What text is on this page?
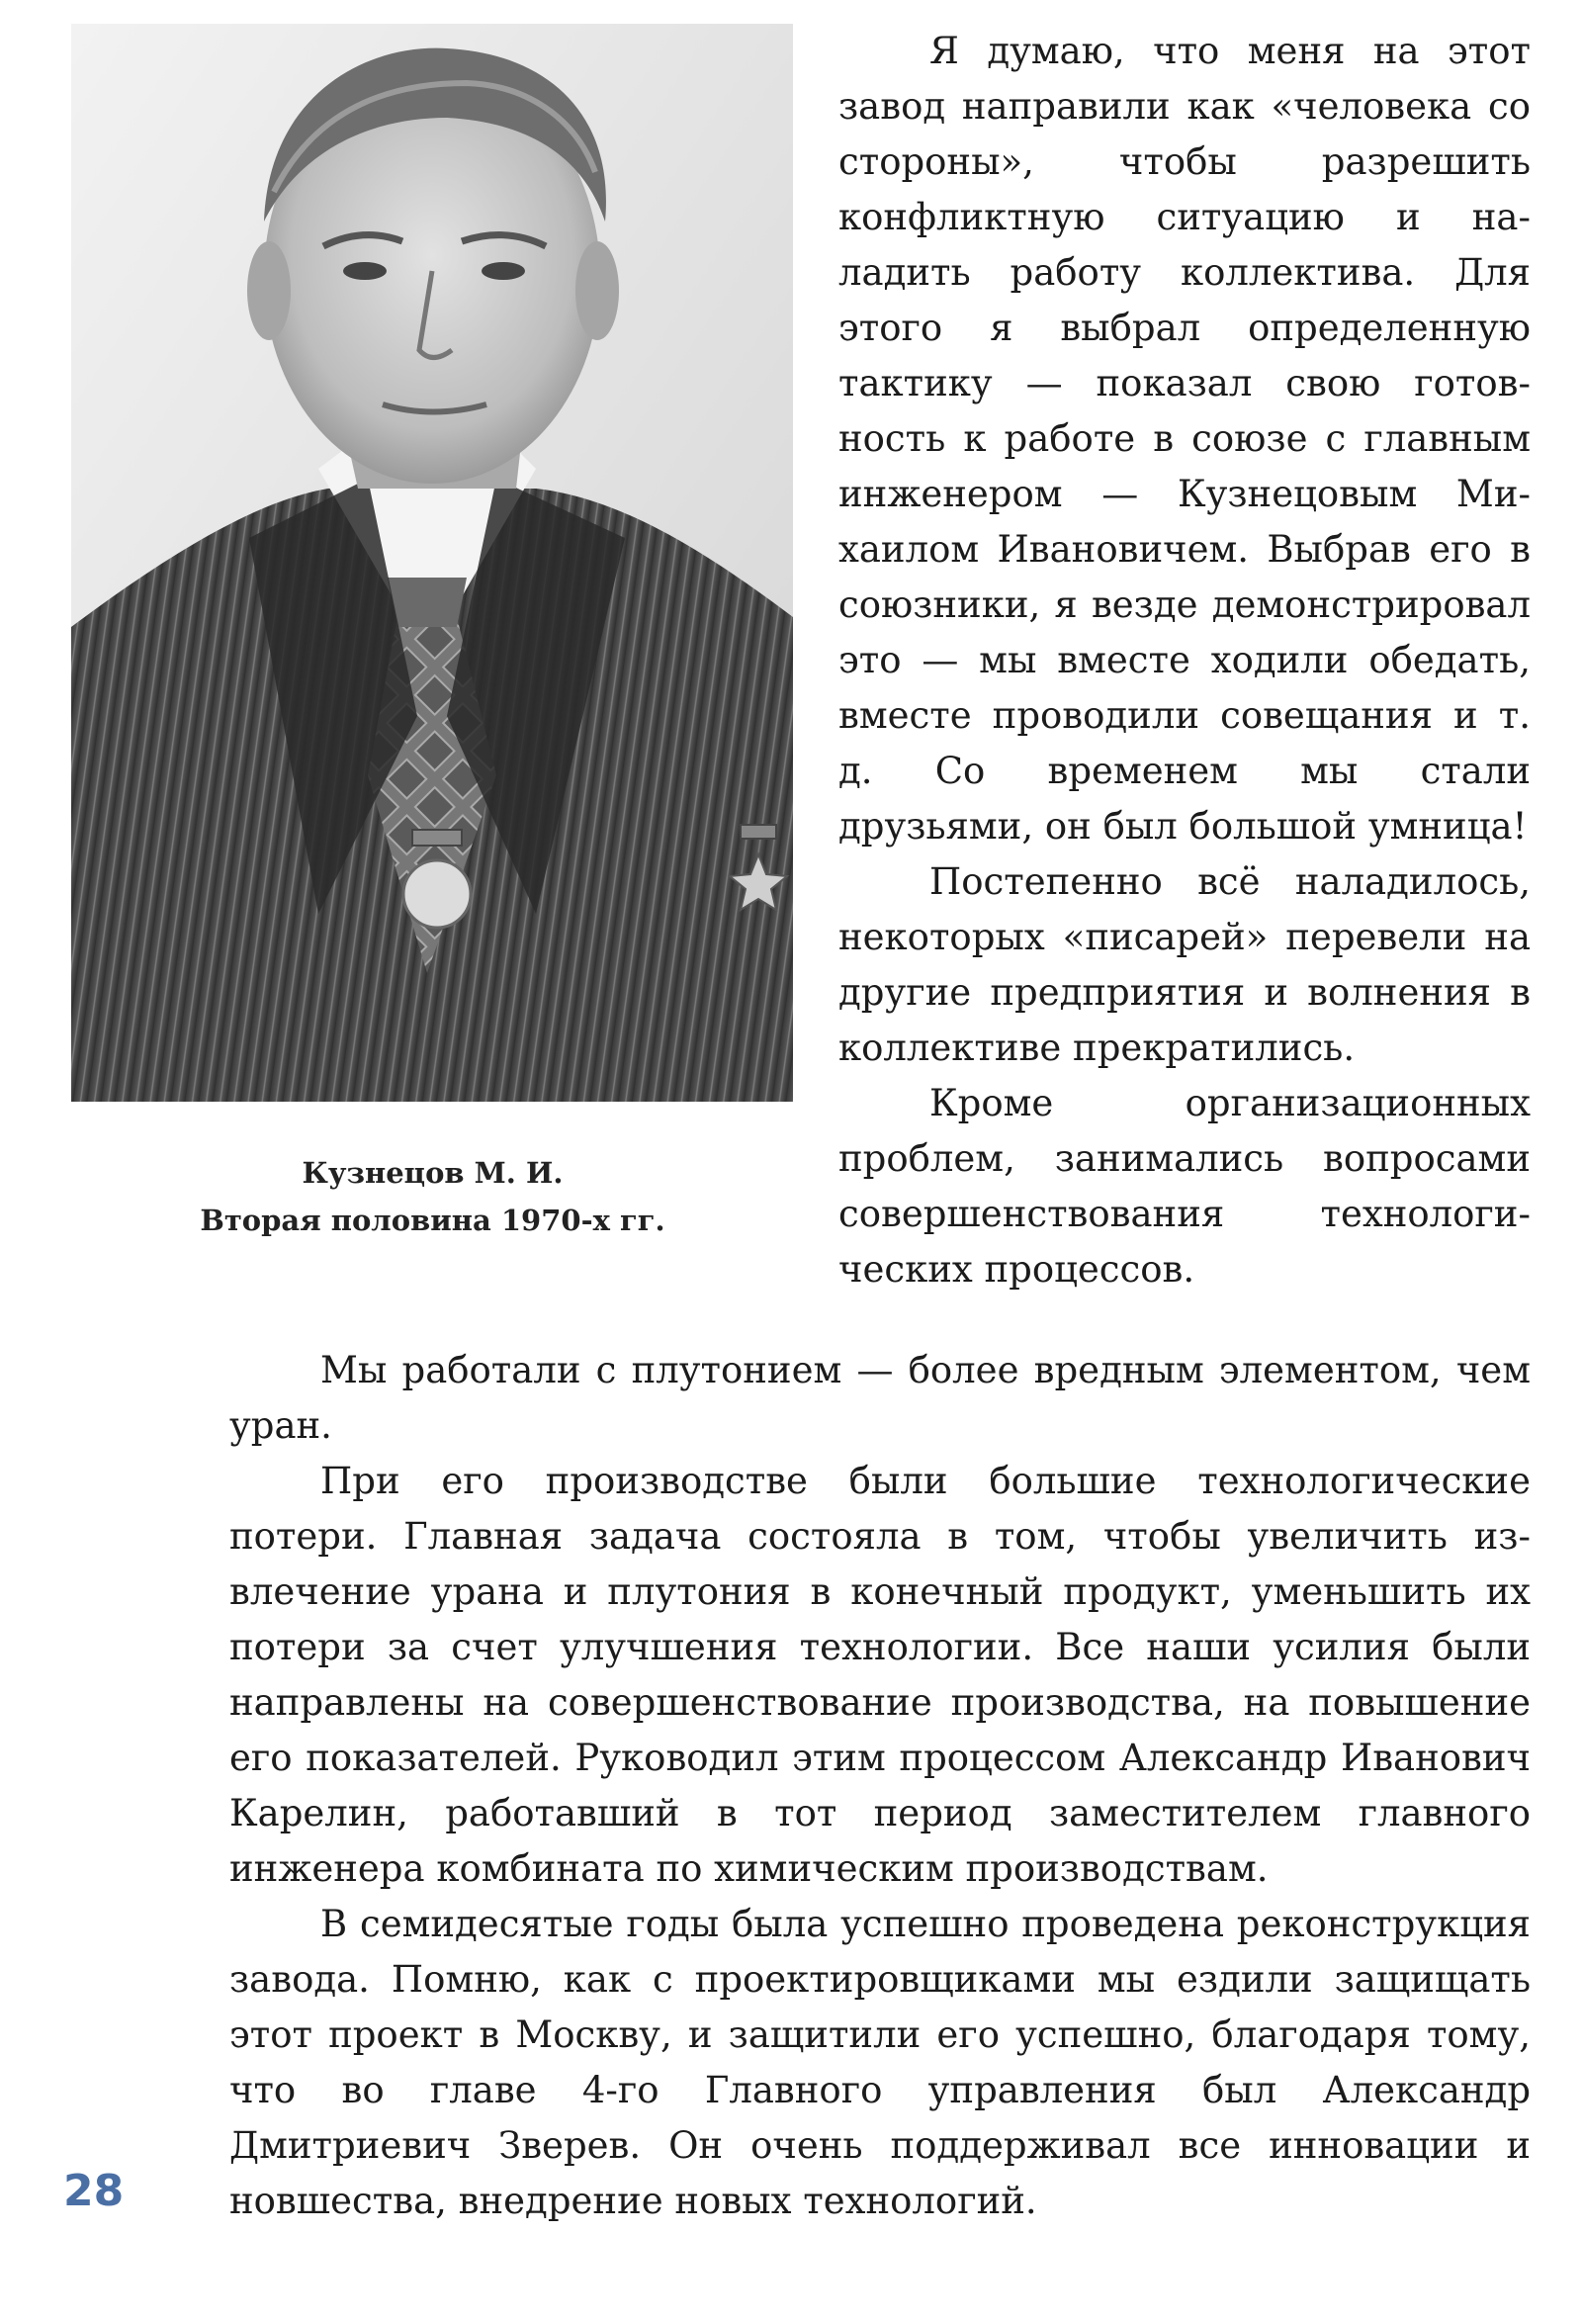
Кузнецов М. И.
Вторая половина 1970-х гг.

Я думаю, что меня на этот завод направили как «человека со стороны», чтобы разрешить конфликтную ситуацию и наладить работу коллектива. Для этого я выбрал определенную тактику — показал свою готовность к работе в союзе с главным инженером — Кузнецовым Михаилом Ивановичем. Выбрав его в союзники, я везде демонстрировал это — мы вместе ходили обедать, вместе проводили совещания и т. д. Со временем мы стали друзьями, он был большой умница!

Постепенно всё наладилось, некоторых «писарей» перевели на другие предприятия и волнения в коллективе прекратились.

Кроме организационных проблем, занимались вопросами совершенствования технологических процессов.

Мы работали с плутонием — более вредным элементом, чем уран.

При его производстве были большие технологические потери. Главная задача состояла в том, чтобы увеличить извлечение урана и плутония в конечный продукт, уменьшить их потери за счет улучшения технологии. Все наши усилия были направлены на совершенствование производства, на повышение его показателей. Руководил этим процессом Александр Иванович Карелин, работавший в тот период заместителем главного инженера комбината по химическим производствам.

В семидесятые годы была успешно проведена реконструкция завода. Помню, как с проектировщиками мы ездили защищать этот проект в Москву, и защитили его успешно, благодаря тому, что во главе 4-го Главного управления был Александр Дмитриевич Зверев. Он очень поддерживал все инновации и новшества, внедрение новых технологий.

28
